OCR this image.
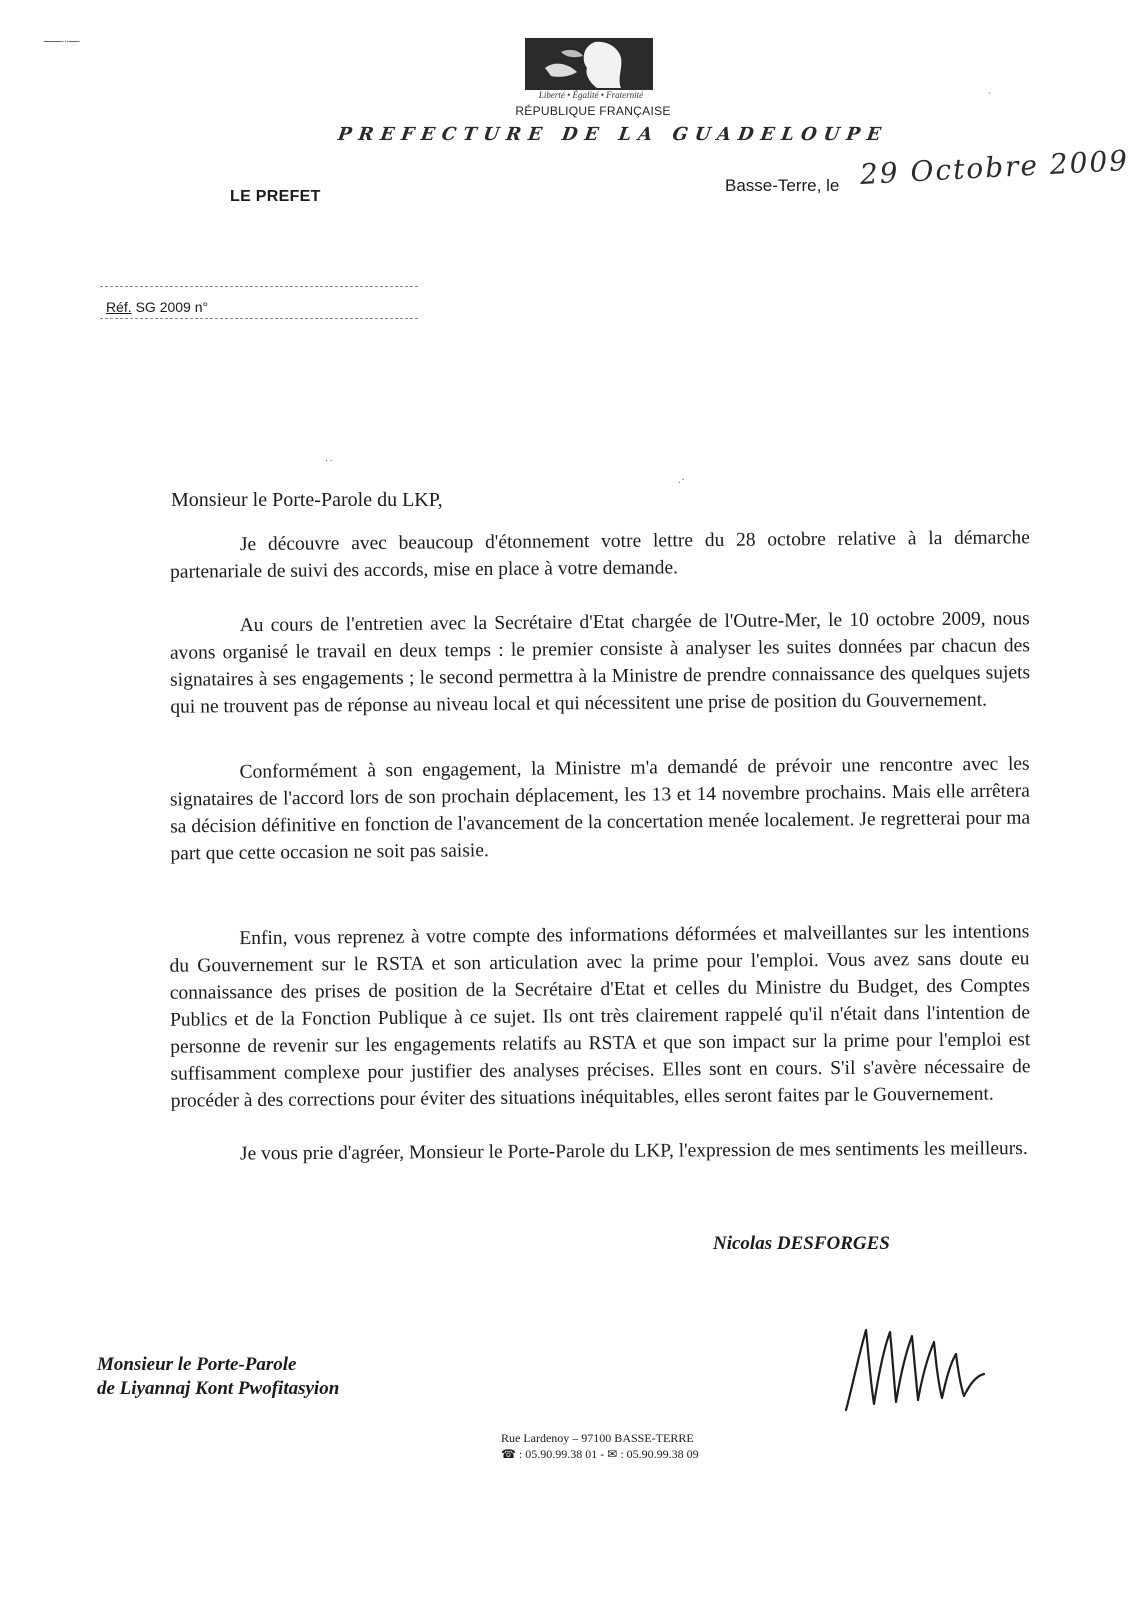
ـــ...ــــــ.
`
.·
··
Liberté • Égalité • Fraternité
RÉPUBLIQUE FRANÇAISE
PREFECTURE DE LA GUADELOUPE
LE PREFET
Basse-Terre, le 29 Octobre 2009
Réf. SG 2009 n°
Monsieur le Porte-Parole du LKP,
Je découvre avec beaucoup d'étonnement votre lettre du 28 octobre relative à la démarche partenariale de suivi des accords, mise en place à votre demande.
Au cours de l'entretien avec la Secrétaire d'Etat chargée de l'Outre-Mer, le 10 octobre 2009, nous avons organisé le travail en deux temps : le premier consiste à analyser les suites données par chacun des signataires à ses engagements ; le second permettra à la Ministre de prendre connaissance des quelques sujets qui ne trouvent pas de réponse au niveau local et qui nécessitent une prise de position du Gouvernement.
Conformément à son engagement, la Ministre m'a demandé de prévoir une rencontre avec les signataires de l'accord lors de son prochain déplacement, les 13 et 14 novembre prochains. Mais elle arrêtera sa décision définitive en fonction de l'avancement de la concertation menée localement. Je regretterai pour ma part que cette occasion ne soit pas saisie.
Enfin, vous reprenez à votre compte des informations déformées et malveillantes sur les intentions du Gouvernement sur le RSTA et son articulation avec la prime pour l'emploi. Vous avez sans doute eu connaissance des prises de position de la Secrétaire d'Etat et celles du Ministre du Budget, des Comptes Publics et de la Fonction Publique à ce sujet. Ils ont très clairement rappelé qu'il n'était dans l'intention de personne de revenir sur les engagements relatifs au RSTA et que son impact sur la prime pour l'emploi est suffisamment complexe pour justifier des analyses précises. Elles sont en cours. S'il s'avère nécessaire de procéder à des corrections pour éviter des situations inéquitables, elles seront faites par le Gouvernement.
Je vous prie d'agréer, Monsieur le Porte-Parole du LKP, l'expression de mes sentiments les meilleurs.
Nicolas DESFORGES
Monsieur le Porte-Parole
de Liyannaj Kont Pwofitasyion
Rue Lardenoy – 97100 BASSE-TERRE
☎ : 05.90.99.38 01 - ✉ : 05.90.99.38 09
